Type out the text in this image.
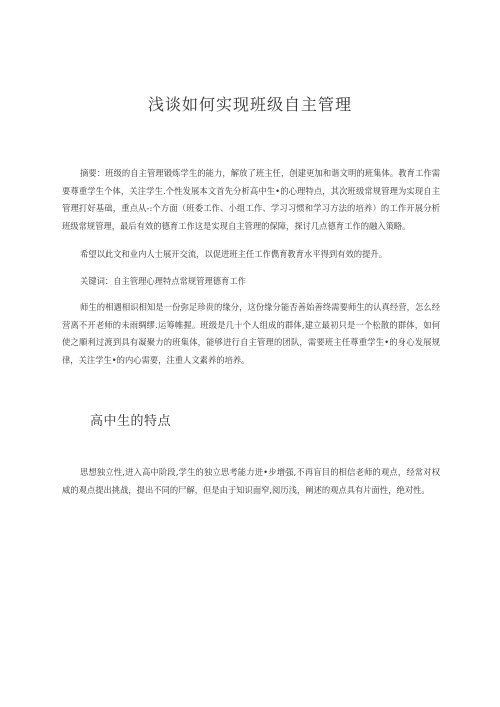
浅谈如何实现班级自主管理
摘要：班级的自主管理锻炼学生的能力，解放了班主任，创建更加和谐文明的班集体。教育工作需要尊重学生个体，关注学生.个性发展本文首先分析高中生•的心理特点，其次班级常规管理为实现自主管理打好基础，重点从-:个方面（班委工作、小组工作、学习习惯和学习方法的培养）的工作开展分析班级常规管理，最后有效的德育工作这是实现自主管理的保障，探讨几点德育工作的融入策略。
希望以此文和业内人士展开交流，以促进班主任工作儁育教育水平得到有效的提升。
关键词：自主管理心理特点常规管理德育工作
师生的相遇相识相知是一份弥足珍贵的缘分，这份缘分能否善始善终需要师生的认真经营，怎么经营离不开老师的未雨绸缪.运筹帷握。班级是几十个人组成的群体,建立最初只是一个松散的群体，如何使之順利过渡到具有凝聚力的班集体，能够进行自主管理的团队，需要班主任尊重学生•的身心发展规律，关注学生•的内心需要，注重人文素养的培养。
高中生的特点
思想独立性,进入高中阶段,学生的独立思考能力进•步增强,不再盲目的相信老师的观点，经常对权威的观点提出挑战，提出不同的尸解，但是由于知识面窄,阅历浅，阐述的观点具有片面性，绝对性。
